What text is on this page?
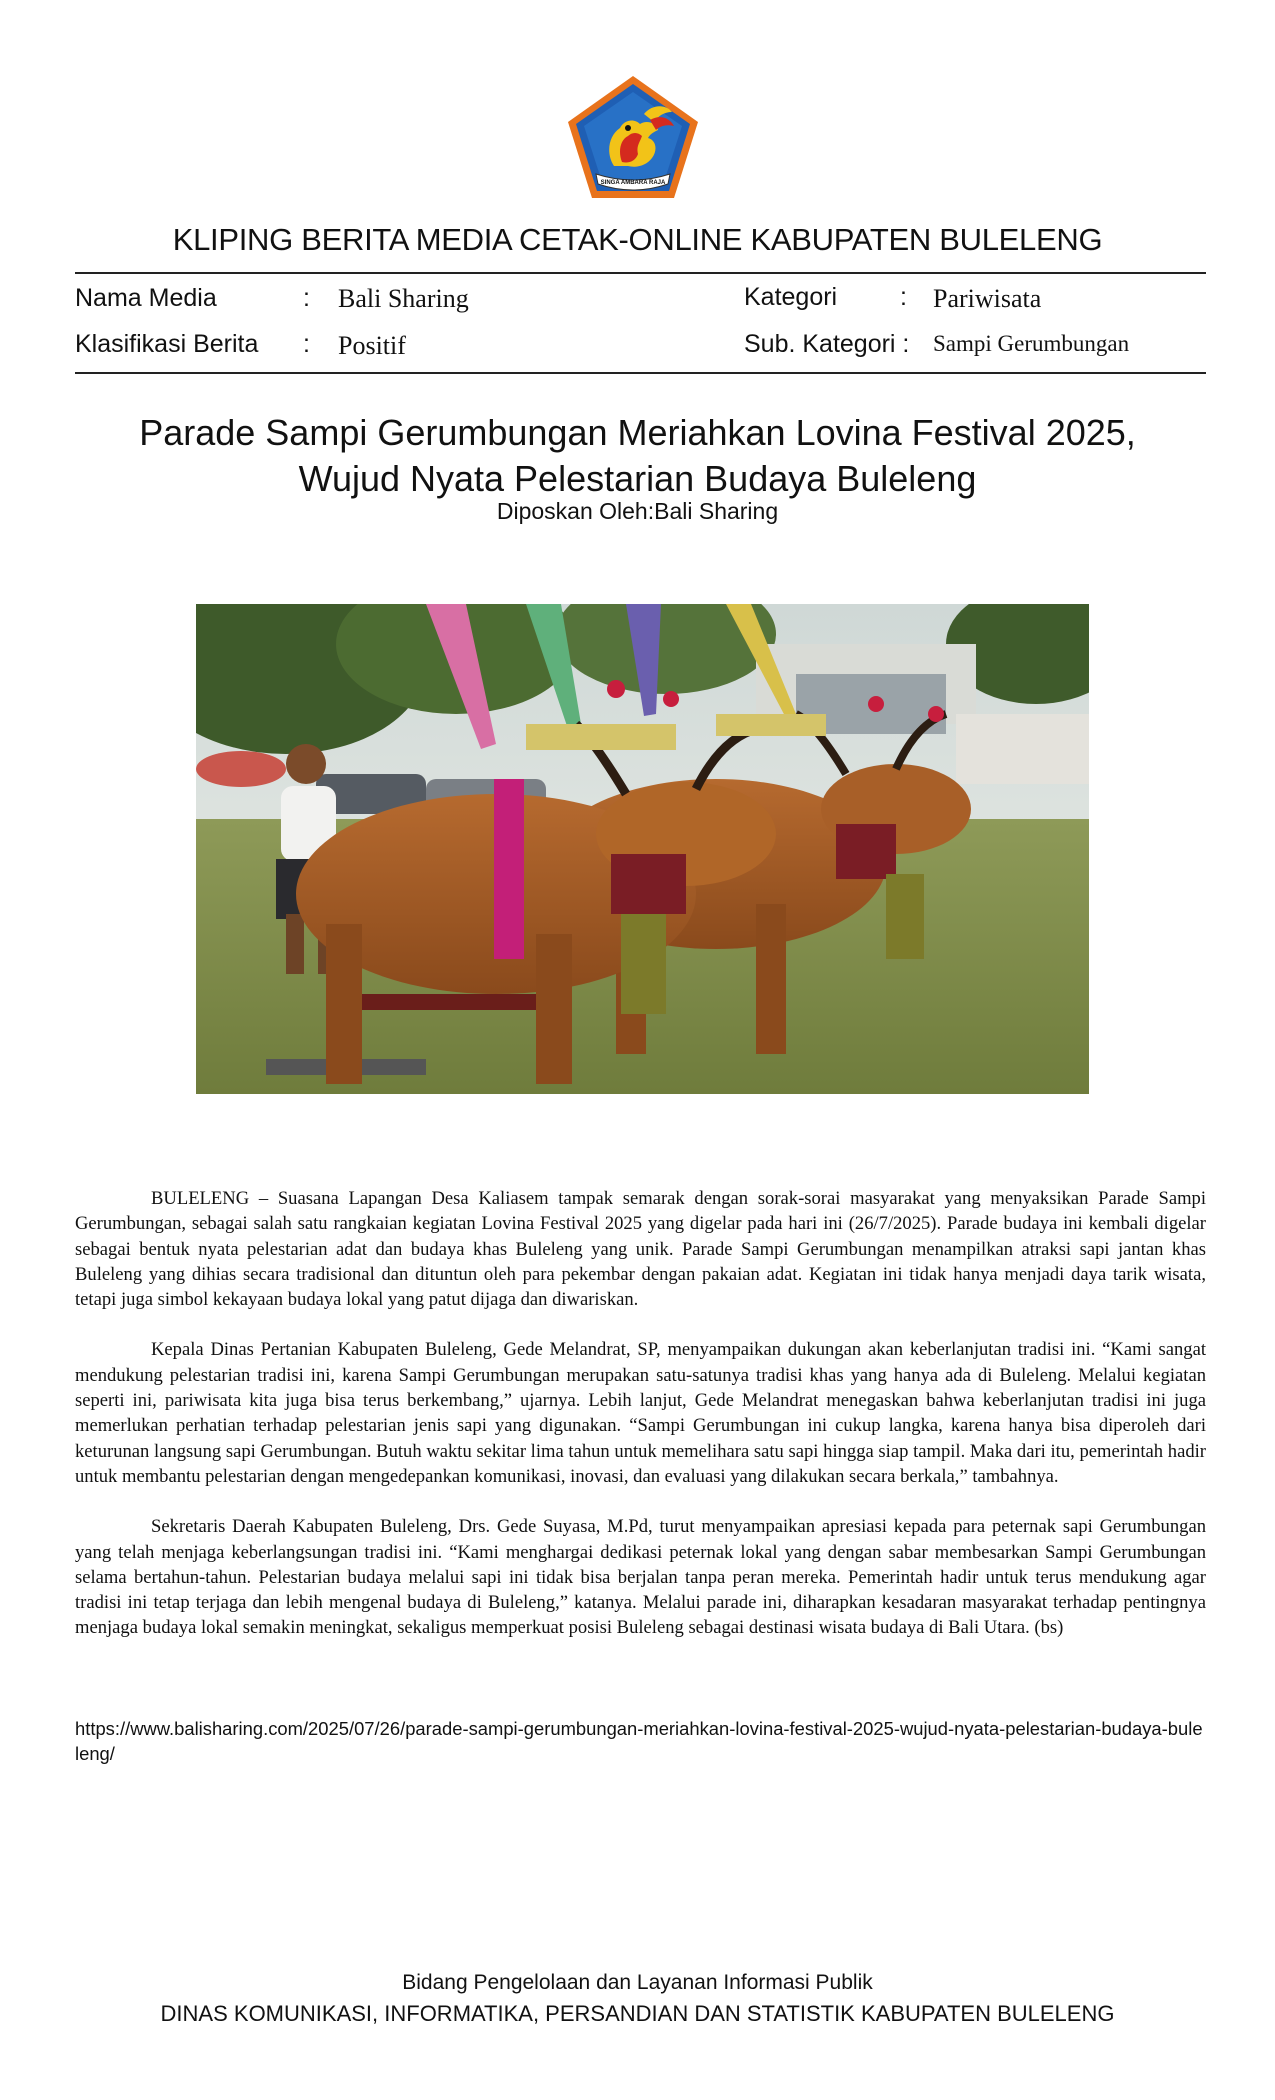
SINGA AMBARA RAJA
KLIPING BERITA MEDIA CETAK-ONLINE KABUPATEN BULELENG
Nama Media	: Bali Sharing
Klasifikasi Berita : Positif
Kategori	: Pariwisata
Sub. Kategori : Sampi Gerumbungan
Parade Sampi Gerumbungan Meriahkan Lovina Festival 2025,
Wujud Nyata Pelestarian Budaya Buleleng
Diposkan Oleh:Bali Sharing

BULELENG – Suasana Lapangan Desa Kaliasem tampak semarak dengan sorak-sorai masyarakat yang menyaksikan Parade Sampi Gerumbungan, sebagai salah satu rangkaian kegiatan Lovina Festival 2025 yang digelar pada hari ini (26/7/2025). Parade budaya ini kembali digelar sebagai bentuk nyata pelestarian adat dan budaya khas Buleleng yang unik. Parade Sampi Gerumbungan menampilkan atraksi sapi jantan khas Buleleng yang dihias secara tradisional dan dituntun oleh para pekembar dengan pakaian adat. Kegiatan ini tidak hanya menjadi daya tarik wisata, tetapi juga simbol kekayaan budaya lokal yang patut dijaga dan diwariskan.

Kepala Dinas Pertanian Kabupaten Buleleng, Gede Melandrat, SP, menyampaikan dukungan akan keberlanjutan tradisi ini. “Kami sangat mendukung pelestarian tradisi ini, karena Sampi Gerumbungan merupakan satu-satunya tradisi khas yang hanya ada di Buleleng. Melalui kegiatan seperti ini, pariwisata kita juga bisa terus berkembang,” ujarnya. Lebih lanjut, Gede Melandrat menegaskan bahwa keberlanjutan tradisi ini juga memerlukan perhatian terhadap pelestarian jenis sapi yang digunakan. “Sampi Gerumbungan ini cukup langka, karena hanya bisa diperoleh dari keturunan langsung sapi Gerumbungan. Butuh waktu sekitar lima tahun untuk memelihara satu sapi hingga siap tampil. Maka dari itu, pemerintah hadir untuk membantu pelestarian dengan mengedepankan komunikasi, inovasi, dan evaluasi yang dilakukan secara berkala,” tambahnya.

Sekretaris Daerah Kabupaten Buleleng, Drs. Gede Suyasa, M.Pd, turut menyampaikan apresiasi kepada para peternak sapi Gerumbungan yang telah menjaga keberlangsungan tradisi ini. “Kami menghargai dedikasi peternak lokal yang dengan sabar membesarkan Sampi Gerumbungan selama bertahun-tahun. Pelestarian budaya melalui sapi ini tidak bisa berjalan tanpa peran mereka. Pemerintah hadir untuk terus mendukung agar tradisi ini tetap terjaga dan lebih mengenal budaya di Buleleng,” katanya. Melalui parade ini, diharapkan kesadaran masyarakat terhadap pentingnya menjaga budaya lokal semakin meningkat, sekaligus memperkuat posisi Buleleng sebagai destinasi wisata budaya di Bali Utara. (bs)

https://www.balisharing.com/2025/07/26/parade-sampi-gerumbungan-meriahkan-lovina-festival-2025-wujud-nyata-pelestarian-budaya-buleleng/
Bidang Pengelolaan dan Layanan Informasi Publik
DINAS KOMUNIKASI, INFORMATIKA, PERSANDIAN DAN STATISTIK KABUPATEN BULELENG
